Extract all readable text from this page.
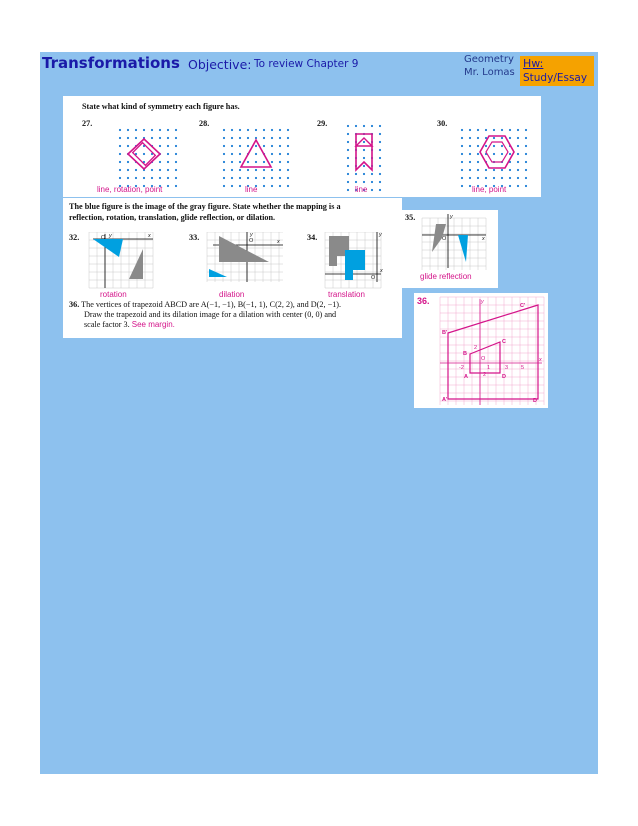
Transformations Objective: To review Chapter 9	Geometry
Mr. Lomas
Hw:
Study/Essay
State what kind of symmetry each figure has.
27.	28.	29.	30.
line, rotation, point	line	line	line, point
The blue figure is the image of the gray figure. State whether the mapping is a
reflection, rotation, translation, glide reflection, or dilation.
32.	33.	34.
O y	x
O
y
x
O
y
x
rotation	dilation	translation
36. The vertices of trapezoid ABCD are A(−1, −1), B(−1, 1), C(2, 2), and D(2, −1).
Draw the trapezoid and its dilation image for a dilation with center (0, 0) and
scale factor 3. See margin.
35.	y
O	x
glide reflection
36.	C'
B'
A'	D'
B
C
A	D
y
x
O
2
-2	1	3 5
2
